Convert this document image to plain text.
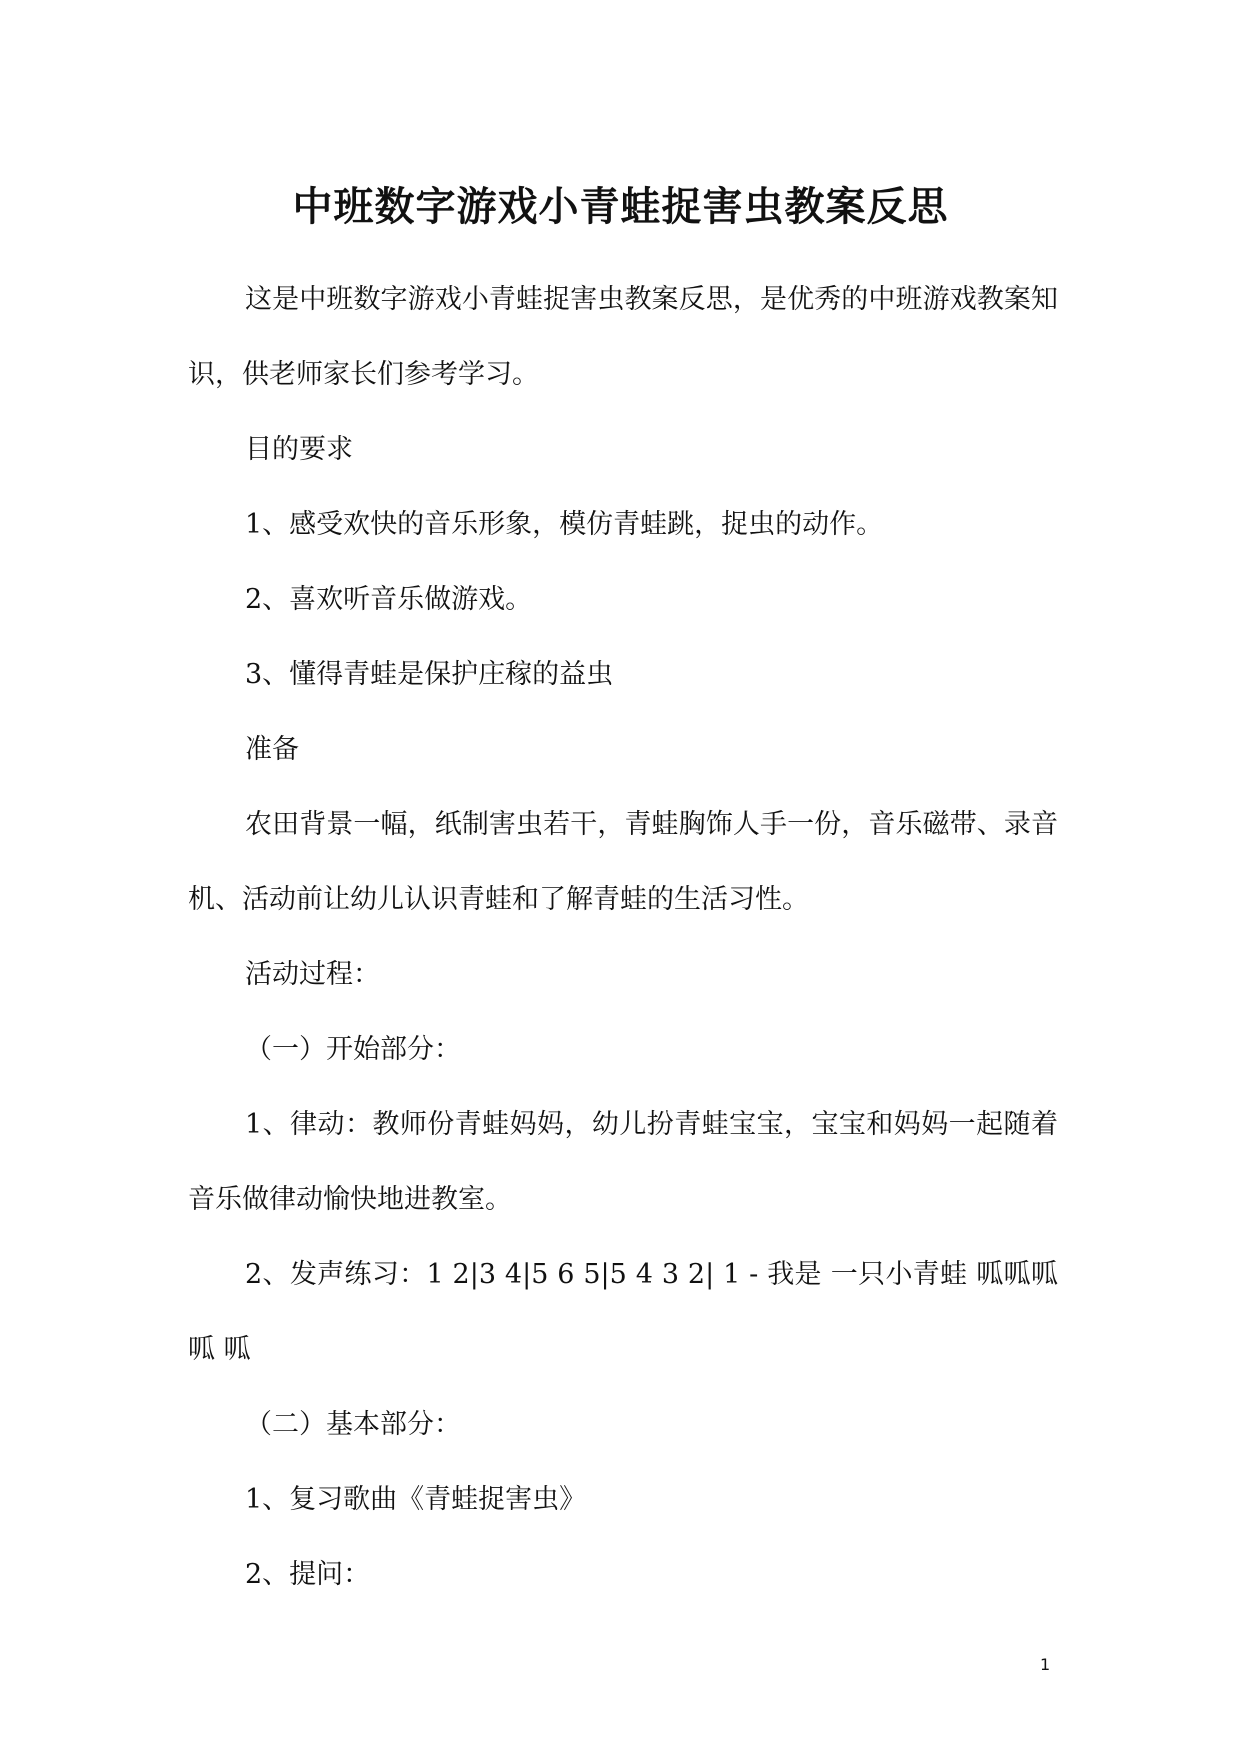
中班数字游戏小青蛙捉害虫教案反思

这是中班数字游戏小青蛙捉害虫教案反思，是优秀的中班游戏教案知识，供老师家长们参考学习。

目的要求

1、感受欢快的音乐形象，模仿青蛙跳，捉虫的动作。

2、喜欢听音乐做游戏。

3、懂得青蛙是保护庄稼的益虫

准备

农田背景一幅，纸制害虫若干，青蛙胸饰人手一份，音乐磁带、录音机、活动前让幼儿认识青蛙和了解青蛙的生活习性。

活动过程：

（一）开始部分：

1、律动：教师份青蛙妈妈，幼儿扮青蛙宝宝，宝宝和妈妈一起随着音乐做律动愉快地进教室。

2、发声练习：1 2|3 4|5 6 5|5 4 3 2| 1 - 我是 一只小青蛙 呱呱呱呱 呱

（二）基本部分：

1、复习歌曲《青蛙捉害虫》

2、提问：

1
